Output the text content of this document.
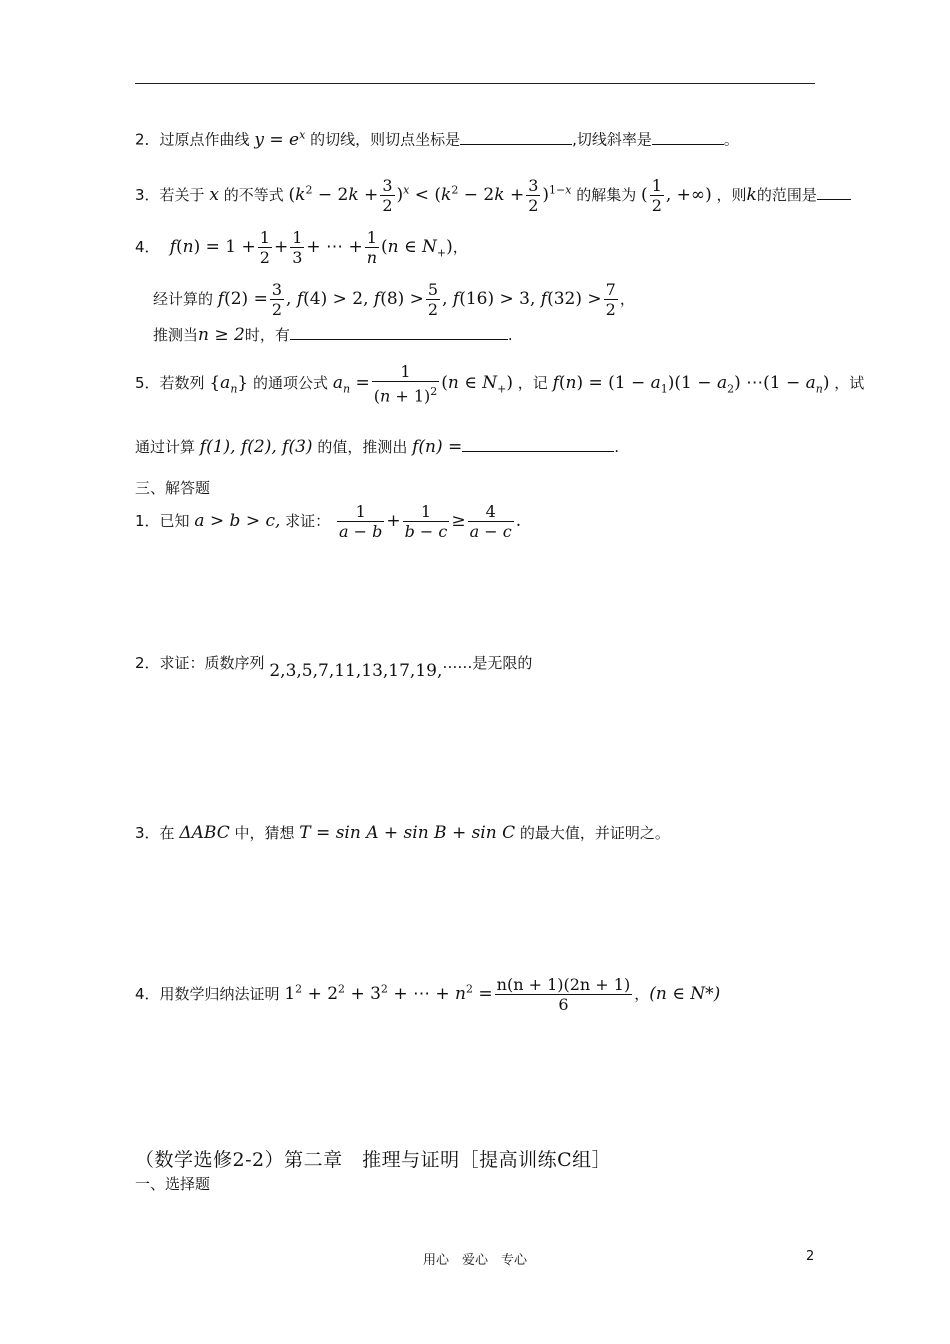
2．过原点作曲线 $y = e^x$ 的切线，则切点坐标是	,切线斜率是	。
3．若关于 x 的不等式 $(k^2 - 2k + \frac{3}{2} )^x < (k^2 - 2k + \frac{3}{2} )^{1-x}$ 的解集为 ( $\frac{1}{2}$ , +∞) ，则k的范围是
4． $f(n) = 1 + \frac{1}{2} + \frac{1}{3}$ + ⋯ + $\frac{1}{n} (n$ ∈ $N_+$)，
经计算的 $f(2) = \frac{3}{2}$ , f(4) > 2, $f(8) > \frac{5}{2}$ , f(16) > 3, $f(32) > \frac{7}{2}$ ，
推测当n ≥ 2时，有	.
5．若数列 $\{a_n\}$ 的通项公式 $a_n = \frac{1}{(n + 1)^2} (n$ ∈ $N_+$) ，记 $f(n) = (1 - a_1)(1 - a_2)$ ⋯(1 − $a_n$) ，试
通过计算 f(1), f(2), f(3) 的值，推测出 f(n) =	.
三、解答题
1．已知 a > b > c, 求证： $\frac{1}{a - b} + \frac{1}{b - c} \ge \frac{4}{a - c}$ .
2．求证：质数序列 2,3,5,7,11,13,17,19,……是无限的
3．在 ΔABC 中，猜想 T = sin A + sin B + sin C 的最大值，并证明之。
4．用数学归纳法证明 $1^2 + 2^2 + 3^2$ + ⋯ + $n^2 = \frac{n(n + 1)(2n + 1)}{6}$ ，(n ∈ N*)
（数学选修2-2）第二章　推理与证明［提高训练C组］
一、选择题
用心　爱心　专心	2
